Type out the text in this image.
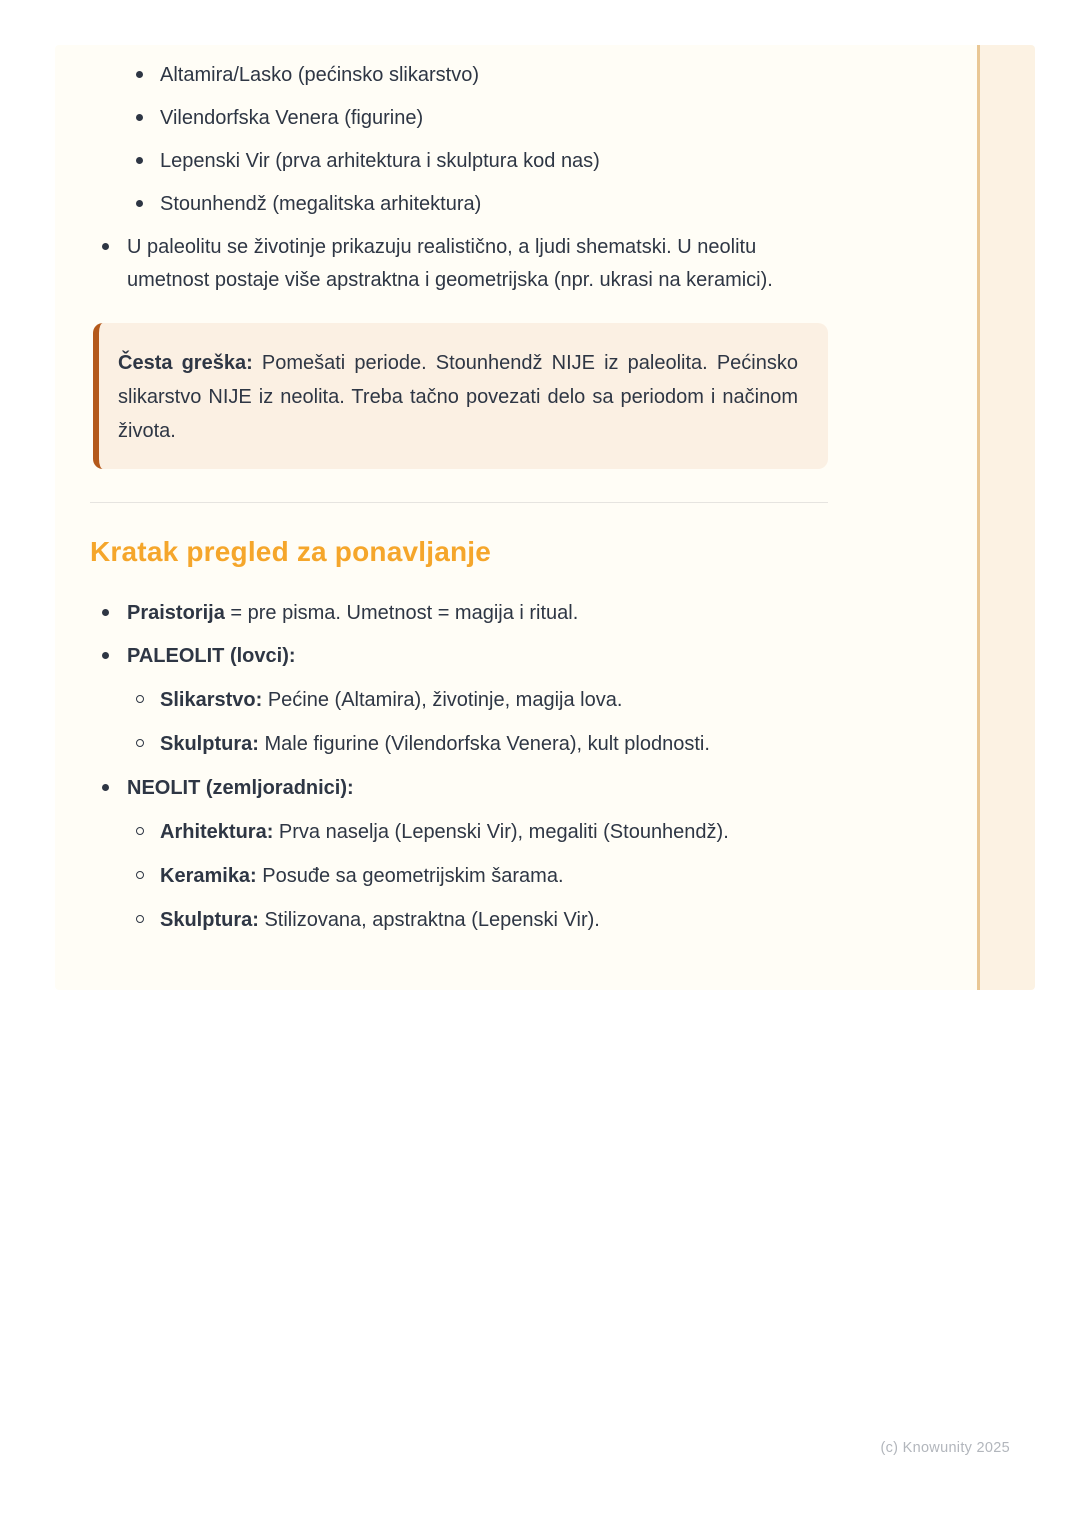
Altamira/Lasko (pećinsko slikarstvo)
Vilendorfska Venera (figurine)
Lepenski Vir (prva arhitektura i skulptura kod nas)
Stounhendž (megalitska arhitektura)
U paleolitu se životinje prikazuju realistično, a ljudi shematski. U neolitu umetnost postaje više apstraktna i geometrijska (npr. ukrasi na keramici).
Česta greška: Pomešati periode. Stounhendž NIJE iz paleolita. Pećinsko slikarstvo NIJE iz neolita. Treba tačno povezati delo sa periodom i načinom života.
Kratak pregled za ponavljanje
Praistorija = pre pisma. Umetnost = magija i ritual.
PALEOLIT (lovci):
Slikarstvo: Pećine (Altamira), životinje, magija lova.
Skulptura: Male figurine (Vilendorfska Venera), kult plodnosti.
NEOLIT (zemljoradnici):
Arhitektura: Prva naselja (Lepenski Vir), megaliti (Stounhendž).
Keramika: Posuđe sa geometrijskim šarama.
Skulptura: Stilizovana, apstraktna (Lepenski Vir).
(c) Knowunity 2025
